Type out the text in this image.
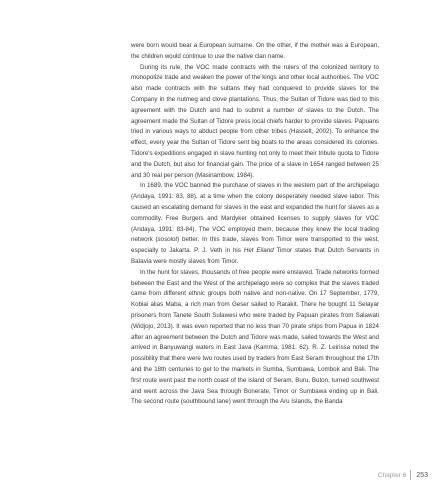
were born would bear a European surname. On the other, if the mother was a European, the children would continue to use the native clan name.

During its rule, the VOC made contracts with the rulers of the colonized territory to monopolize trade and weaken the power of the kings and other local authorities. The VOC also made contracts with the sultans they had conquered to provide slaves for the Company in the nutmeg and clove plantations. Thus, the Sultan of Tidore was tied to this agreement with the Dutch and had to submit a number of slaves to the Dutch. The agreement made the Sultan of Tidore press local chiefs harder to provide slaves. Papuans tried in various ways to abduct people from other tribes (Hasselt, 2002). To enhance the effect, every year the Sultan of Tidore sent big boats to the areas considered its colonies. Tidore's expeditions engaged in slave hunting not only to meet their tribute quota to Tidore and the Dutch, but also for financial gain. The price of a slave in 1654 ranged between 25 and 30 real per person (Masinambow, 1984).

In 1689, the VOC banned the purchase of slaves in the western part of the archipelago (Andaya, 1991: 83, 88), at a time when the colony desperately needed slave labor. This caused an escalating demand for slaves in the east and expanded the hunt for slaves as a commodity. Free Burgers and Mardyker obtained licenses to supply slaves for VOC (Andaya, 1991: 83-84). The VOC employed them, because they knew the local trading network (sosolot) better. In this trade, slaves from Timor were transported to the west, especially to Jakarta. P. J. Veth in his Het Eiland Timor states that Dutch Servants in Batavia were mostly slaves from Timor.

In the hunt for slaves, thousands of free people were enslaved. Trade networks formed between the East and the West of the archipelago were so complex that the slaves traded came from different ethnic groups both native and non-native. On 17 September, 1779, Kobiai alias Maba, a rich man from Geser sailed to Rarakit. There he bought 11 Selayar prisoners from Tanete South Sulawesi who were traded by Papuan pirates from Salawati (Widjojo, 2013). It was even reported that no less than 70 pirate ships from Papua in 1824 after an agreement between the Dutch and Tidore was made, sailed towards the West and arrived in Banyuwangi waters in East Java (Kamma, 1981: 62). R. Z. Leirissa noted the possibility that there were two routes used by traders from East Seram throughout the 17th and the 18th centuries to get to the markets in Sumba, Sumbawa, Lombok and Bali. The first route went past the north coast of the island of Seram, Buru, Buton, turned southwest and went across the Java Sea through Bonerate, Timor or Sumbawa ending up in Bali. The second route (southbound lane) went through the Aru Islands, the Banda

Chapter 6 253
